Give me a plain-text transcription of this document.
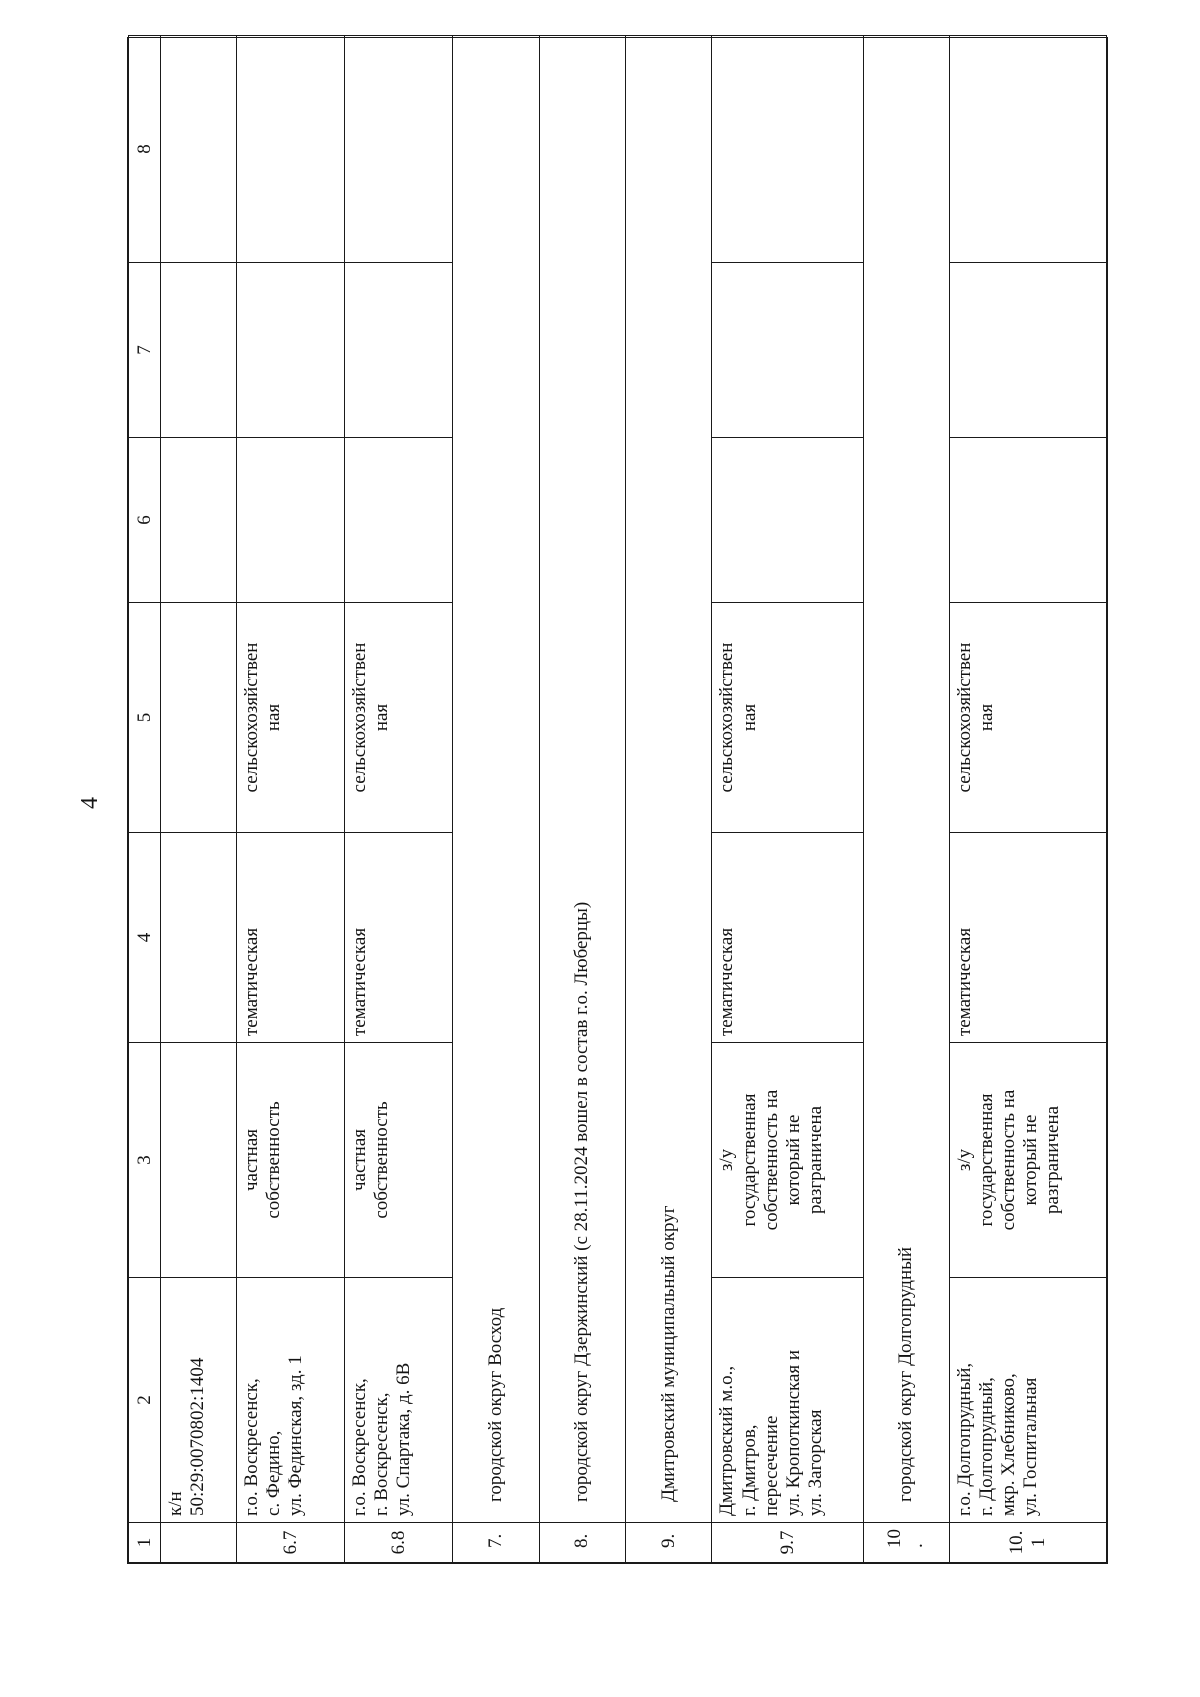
4
1	2	3	4	5	6	7	8

	к/н 50:29:0070802:1404						

6.7	г.о. Воскресенск, с. Федино, ул. Фединская, зд. 1	частная собственность	тематическая	сельскохозяйствен ная			

6.8	г.о. Воскресенск, г. Воскресенск, ул. Спартака, д. 6В	частная собственность	тематическая	сельскохозяйствен ная			

7.	городской округ Восход						
8.	городской округ Дзержинский (с 28.11.2024 вошел в состав г.о. Люберцы)						
9.	Дмитровский муниципальный округ						
9.7	Дмитровский м.о., г. Дмитров, пересечение ул. Кропоткинская и ул. Загорская	з/у государственная собственность на который не разграничена	тематическая	сельскохозяйствен ная			

10.	городской округ Долгопрудный						
10.1	г.о. Долгопрудный, г. Долгопрудный, мкр. Хлебниково, ул. Госпитальная	з/у государственная собственность на который не разграничена	тематическая	сельскохозяйствен ная			
